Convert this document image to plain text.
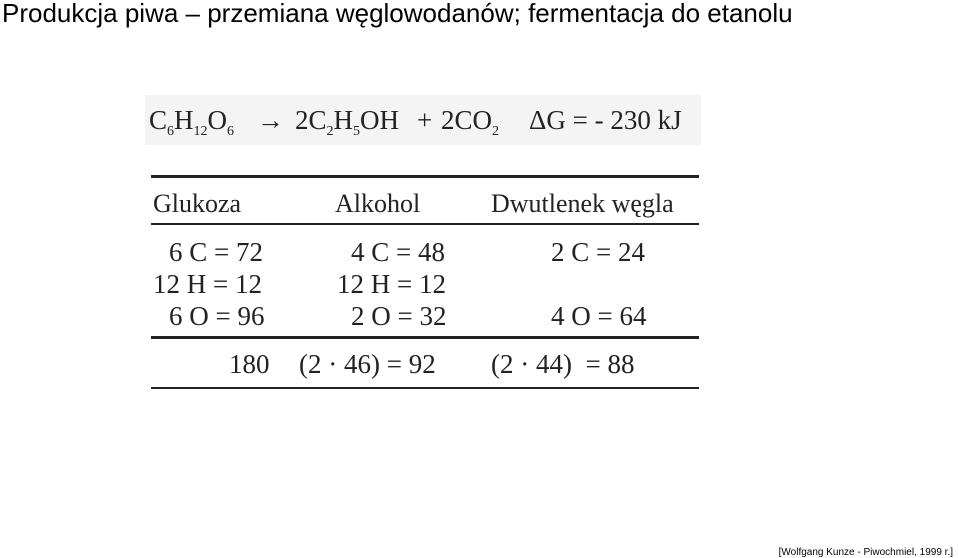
Produkcja piwa – przemiana węglowodanów; fermentacja do etanolu
$C_6H_{12}O_6 \to 2C_2H_5OH + 2CO_2$ ΔG = - 230 kJ
Glukoza	Alkohol	Dwutlenek węgla
6 C = 72	4 C = 48	2 C = 24
12 H = 12	12 H = 12
6 O = 96	2 O = 32	4 O = 64
180 (2 · 46) = 92 (2 · 44)  = 88
[Wolfgang Kunze - Piwochmiel, 1999 r.]
